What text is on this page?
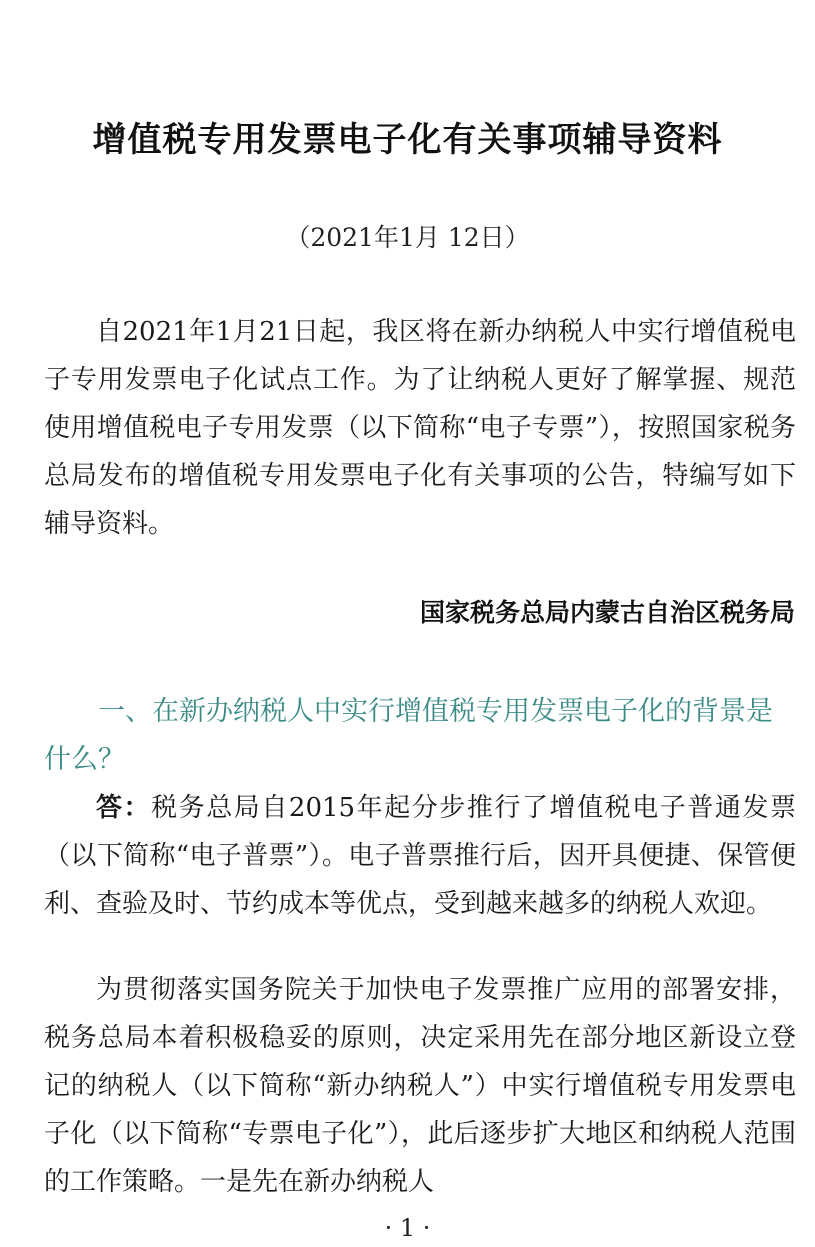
增值税专用发票电子化有关事项辅导资料
（2021年1月 12日）

自2021年1月21日起，我区将在新办纳税人中实行增值税电子专用发票电子化试点工作。为了让纳税人更好了解掌握、规范使用增值税电子专用发票（以下简称“电子专票”），按照国家税务总局发布的增值税专用发票电子化有关事项的公告，特编写如下辅导资料。

国家税务总局内蒙古自治区税务局

一、在新办纳税人中实行增值税专用发票电子化的背景是什么？

答：税务总局自2015年起分步推行了增值税电子普通发票（以下简称“电子普票”）。电子普票推行后，因开具便捷、保管便利、查验及时、节约成本等优点，受到越来越多的纳税人欢迎。

为贯彻落实国务院关于加快电子发票推广应用的部署安排，税务总局本着积极稳妥的原则，决定采用先在部分地区新设立登记的纳税人（以下简称“新办纳税人”）中实行增值税专用发票电子化（以下简称“专票电子化”），此后逐步扩大地区和纳税人范围的工作策略。一是先在新办纳税人

· 1 ·
